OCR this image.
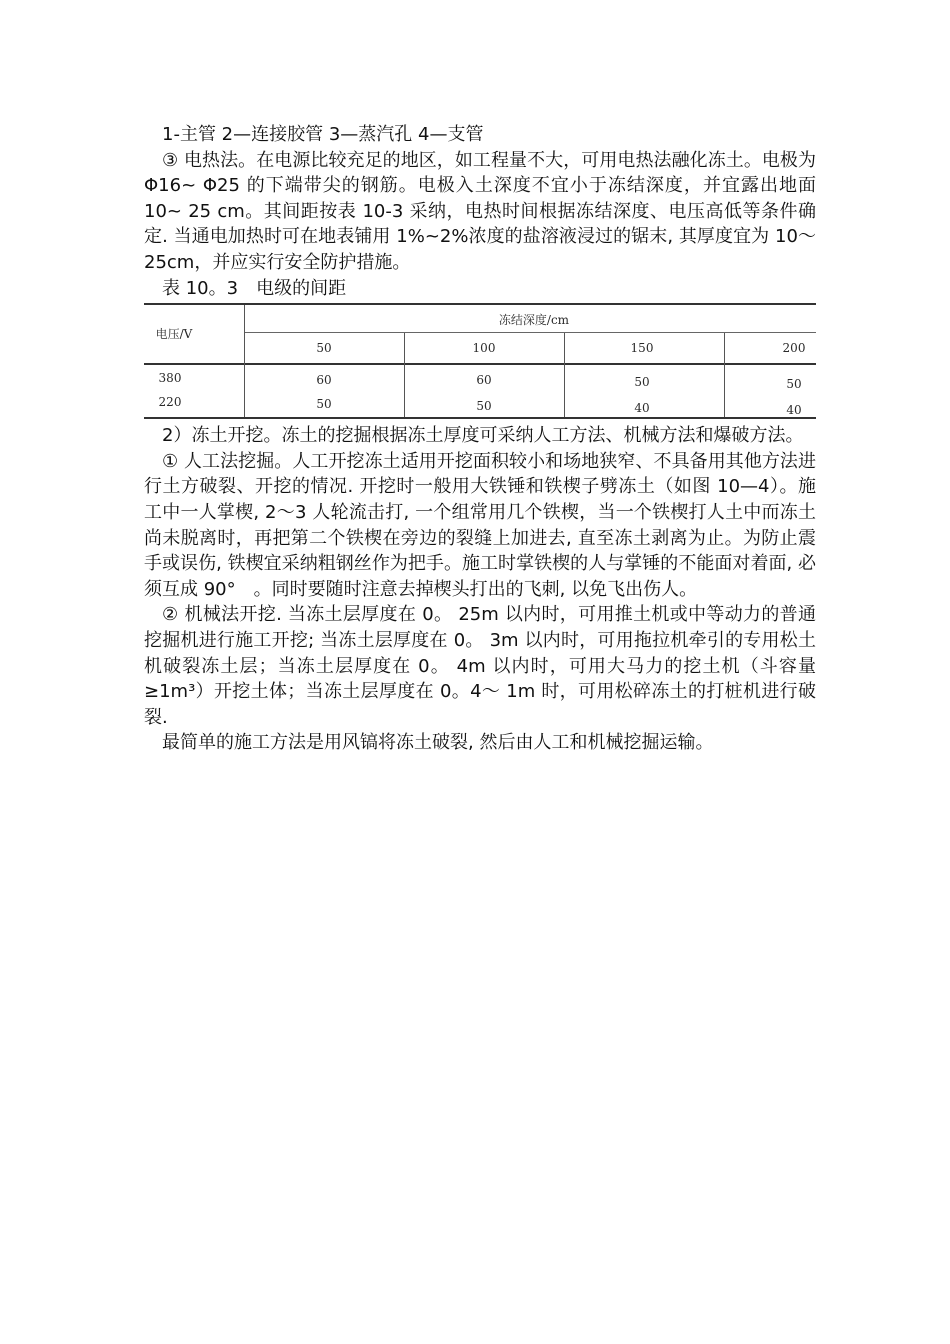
1-主管 2—连接胶管 3—蒸汽孔 4—支管

③ 电热法。在电源比较充足的地区，如工程量不大，可用电热法融化冻土。电极为 Φ16~ Φ25 的下端带尖的钢筋。电极入土深度不宜小于冻结深度，并宜露出地面 10~ 25 cm。其间距按表 10-3 采纳，电热时间根据冻结深度、电压高低等条件确定. 当通电加热时可在地表铺用 1%~2%浓度的盐溶液浸过的锯末, 其厚度宜为 10～25cm，并应实行安全防护措施。

表 10。3　电级的间距

电压/V
冻结深度/cm
50	100	150	200
380	60	60	50	50
220	50	50	40	40

2）冻土开挖。冻土的挖掘根据冻土厚度可采纳人工方法、机械方法和爆破方法。

① 人工法挖掘。人工开挖冻土适用开挖面积较小和场地狭窄、不具备用其他方法进行土方破裂、开挖的情况. 开挖时一般用大铁锤和铁楔子劈冻土（如图 10—4）。施工中一人掌楔, 2～3 人轮流击打, 一个组常用几个铁楔，当一个铁楔打人土中而冻土尚未脱离时，再把第二个铁楔在旁边的裂缝上加进去, 直至冻土剥离为止。为防止震手或误伤, 铁楔宜采纳粗钢丝作为把手。施工时掌铁楔的人与掌锤的不能面对着面, 必须互成 90°　。同时要随时注意去掉楔头打出的飞刺, 以免飞出伤人。

② 机械法开挖. 当冻土层厚度在 0。 25m 以内时，可用推土机或中等动力的普通挖掘机进行施工开挖; 当冻土层厚度在 0。 3m 以内时，可用拖拉机牵引的专用松土机破裂冻土层；当冻土层厚度在 0。 4m 以内时，可用大马力的挖土机（斗容量≥1m³）开挖土体；当冻土层厚度在 0。4～ 1m 时，可用松碎冻土的打桩机进行破裂.

最简单的施工方法是用风镐将冻土破裂, 然后由人工和机械挖掘运输。
